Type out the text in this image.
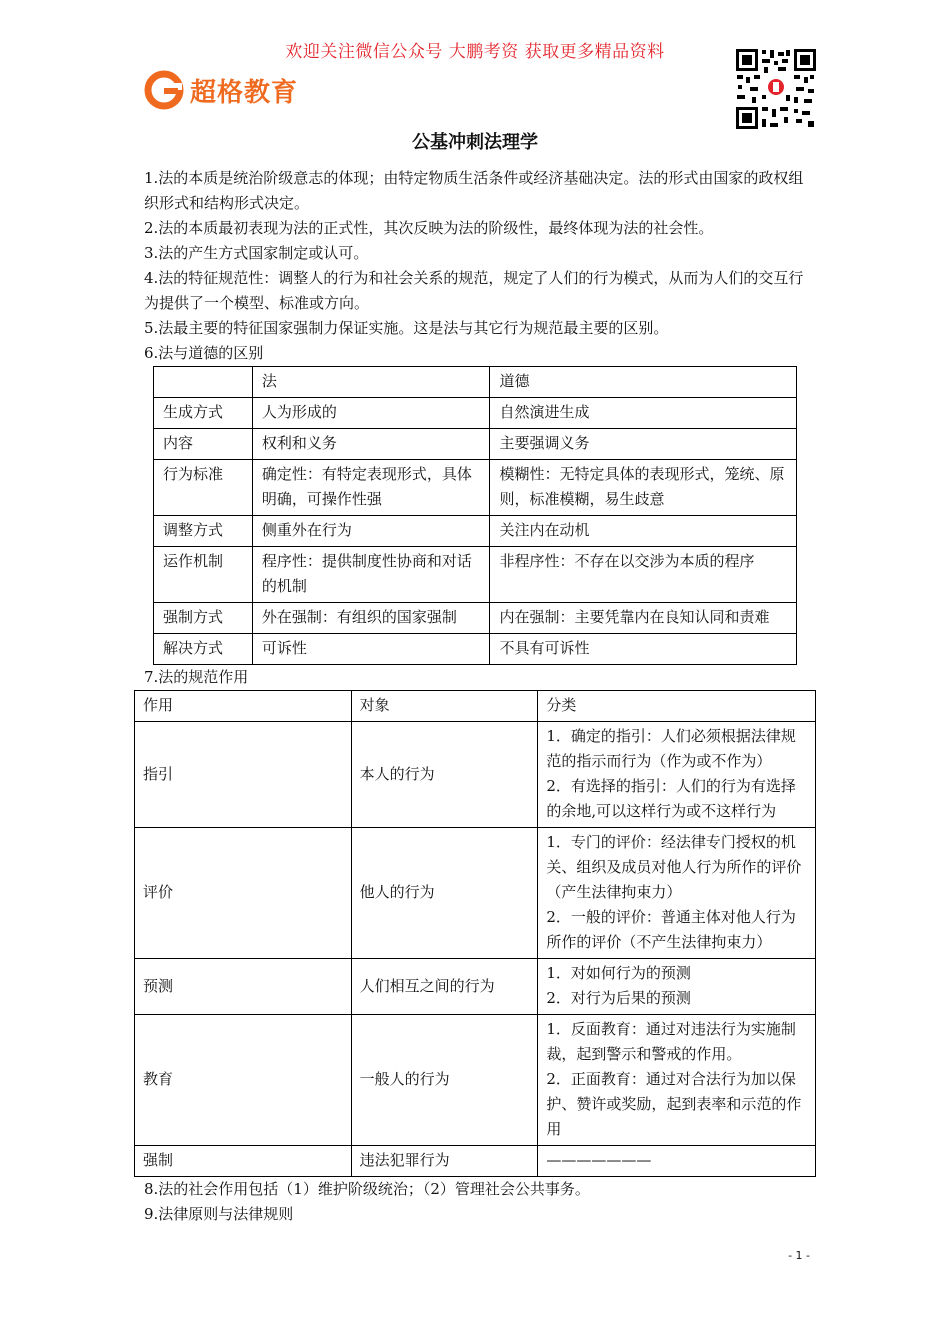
欢迎关注微信公众号 大鹏考资 获取更多精品资料
超格教育
公基冲刺法理学

1.法的本质是统治阶级意志的体现；由特定物质生活条件或经济基础决定。法的形式由国家的政权组织形式和结构形式决定。

2.法的本质最初表现为法的正式性，其次反映为法的阶级性，最终体现为法的社会性。

3.法的产生方式国家制定或认可。

4.法的特征规范性：调整人的行为和社会关系的规范，规定了人们的行为模式，从而为人们的交互行为提供了一个模型、标准或方向。

5.法最主要的特征国家强制力保证实施。这是法与其它行为规范最主要的区别。

6.法与道德的区别

	法	道德
生成方式	人为形成的	自然演进生成
内容	权利和义务	主要强调义务
行为标准	确定性：有特定表现形式，具体明确，可操作性强	模糊性：无特定具体的表现形式，笼统、原则，标准模糊，易生歧意
调整方式	侧重外在行为	关注内在动机
运作机制	程序性：提供制度性协商和对话的机制	非程序性：不存在以交涉为本质的程序
强制方式	外在强制：有组织的国家强制	内在强制：主要凭靠内在良知认同和责难
解决方式	可诉性	不具有可诉性

7.法的规范作用

作用	对象	分类
指引	本人的行为	1．确定的指引：人们必须根据法律规范的指示而行为（作为或不作为）
2．有选择的指引：人们的行为有选择的余地,可以这样行为或不这样行为

评价	他人的行为	1．专门的评价：经法律专门授权的机关、组织及成员对他人行为所作的评价（产生法律拘束力）
2．一般的评价：普通主体对他人行为所作的评价（不产生法律拘束力）

预测	人们相互之间的行为	1．对如何行为的预测
2．对行为后果的预测

教育	一般人的行为	1．反面教育：通过对违法行为实施制裁，起到警示和警戒的作用。
2．正面教育：通过对合法行为加以保护、赞许或奖励，起到表率和示范的作用

强制	违法犯罪行为	———————

8.法的社会作用包括（1）维护阶级统治；（2）管理社会公共事务。

9.法律原则与法律规则

- 1 -
